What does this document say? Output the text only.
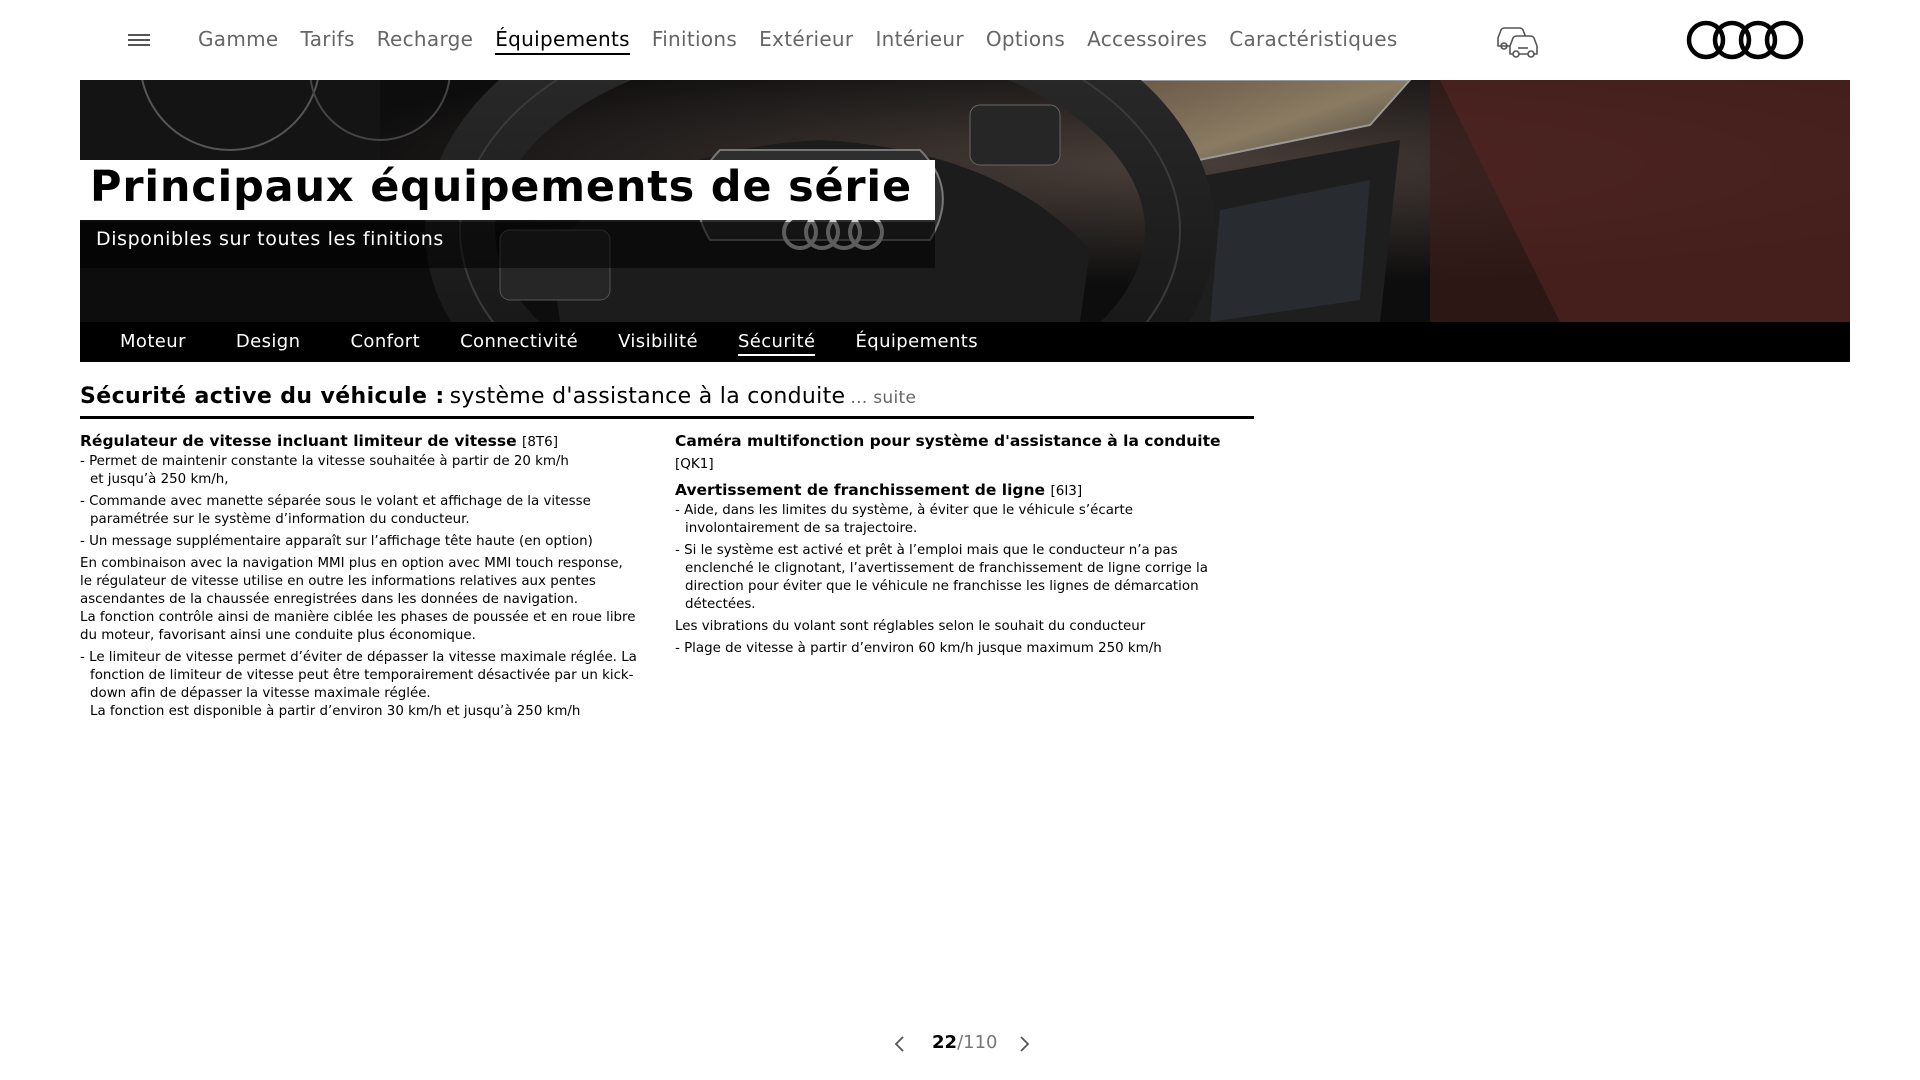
Gamme Tarifs Recharge Équipements Finitions Extérieur Intérieur Options Accessoires Caractéristiques
Principaux équipements de série
Disponibles sur toutes les finitions
Moteur	Design	Confort Connectivité Visibilité Sécurité Équipements
Sécurité active du véhicule : système d'assistance à la conduite ... suite
Régulateur de vitesse incluant limiteur de vitesse [8T6]
- Permet de maintenir constante la vitesse souhaitée à partir de 20 km/h
et jusqu’à 250 km/h,
- Commande avec manette séparée sous le volant et affichage de la vitesse
paramétrée sur le système d’information du conducteur.
- Un message supplémentaire apparaît sur l’affichage tête haute (en option)
En combinaison avec la navigation MMI plus en option avec MMI touch response,
le régulateur de vitesse utilise en outre les informations relatives aux pentes
ascendantes de la chaussée enregistrées dans les données de navigation.
La fonction contrôle ainsi de manière ciblée les phases de poussée et en roue libre
du moteur, favorisant ainsi une conduite plus économique.
- Le limiteur de vitesse permet d’éviter de dépasser la vitesse maximale réglée. La
fonction de limiteur de vitesse peut être temporairement désactivée par un kick-
down afin de dépasser la vitesse maximale réglée.
La fonction est disponible à partir d’environ 30 km/h et jusqu’à 250 km/h
Caméra multifonction pour système d'assistance à la conduite [QK1]
Avertissement de franchissement de ligne [6I3]
- Aide, dans les limites du système, à éviter que le véhicule s’écarte
involontairement de sa trajectoire.
- Si le système est activé et prêt à l’emploi mais que le conducteur n’a pas
enclenché le clignotant, l’avertissement de franchissement de ligne corrige la
direction pour éviter que le véhicule ne franchisse les lignes de démarcation
détectées.
Les vibrations du volant sont réglables selon le souhait du conducteur
- Plage de vitesse à partir d’environ 60 km/h jusque maximum 250 km/h
22/110
